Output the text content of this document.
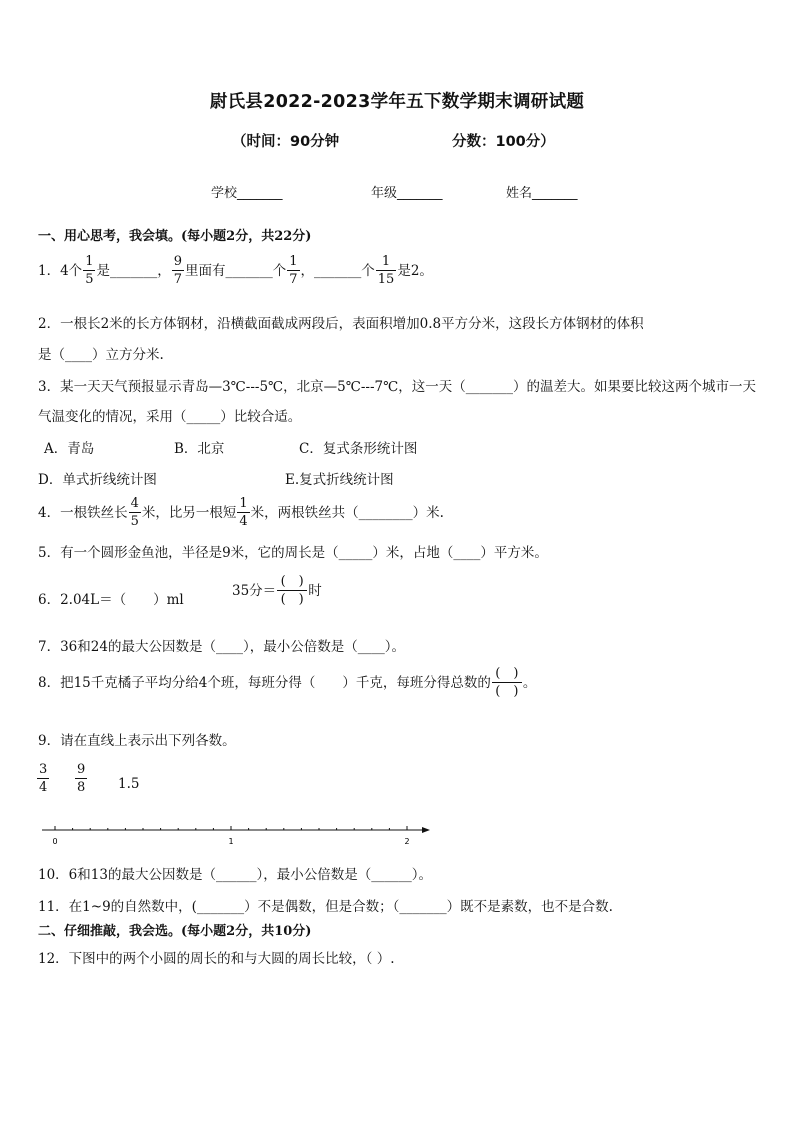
尉氏县2022-2023学年五下数学期末调研试题
（时间：90分钟	分数：100分）
学校_______	年级_______	姓名_______
一、用心思考，我会填。(每小题2分，共22分)
1．4个 $\frac{1}{5}$ 是_______， $\frac{9}{7}$ 里面有_______个 $\frac{1}{7}$ ，_______个 $\frac{1}{15}$ 是2。
2．一根长2米的长方体钢材，沿横截面截成两段后，表面积增加0.8平方分米，这段长方体钢材的体积
是（____）立方分米.
3．某一天天气预报显示青岛—3℃---5℃，北京—5℃---7℃，这一天（_______）的温差大。如果要比较这两个城市一天
气温变化的情况，采用（_____）比较合适。
A．青岛	B．北京	C．复式条形统计图
D．单式折线统计图	E.复式折线统计图
4．一根铁丝长 $\frac{4}{5}$ 米，比另一根短 $\frac{1}{4}$ 米，两根铁丝共（________）米.
5．有一个圆形金鱼池，半径是9米，它的周长是（_____）米，占地（____）平方米。
6．2.04L＝（　　）ml
35分＝ $\frac{( )}{( )}$ 时
7．36和24的最大公因数是（____），最小公倍数是（____）。
8．把15千克橘子平均分给4个班，每班分得（　　）千克，每班分得总数的 $\frac{( )}{( )}$ 。
9．请在直线上表示出下列各数。
$\frac{3}{4} \frac{9}{8} 1.5$
0	1	2
10．6和13的最大公因数是（______），最小公倍数是（______）。
11．在1~9的自然数中，(_______）不是偶数，但是合数；（_______）既不是素数，也不是合数.
二、仔细推敲，我会选。(每小题2分，共10分)
12．下图中的两个小圆的周长的和与大圆的周长比较，（ ）.
